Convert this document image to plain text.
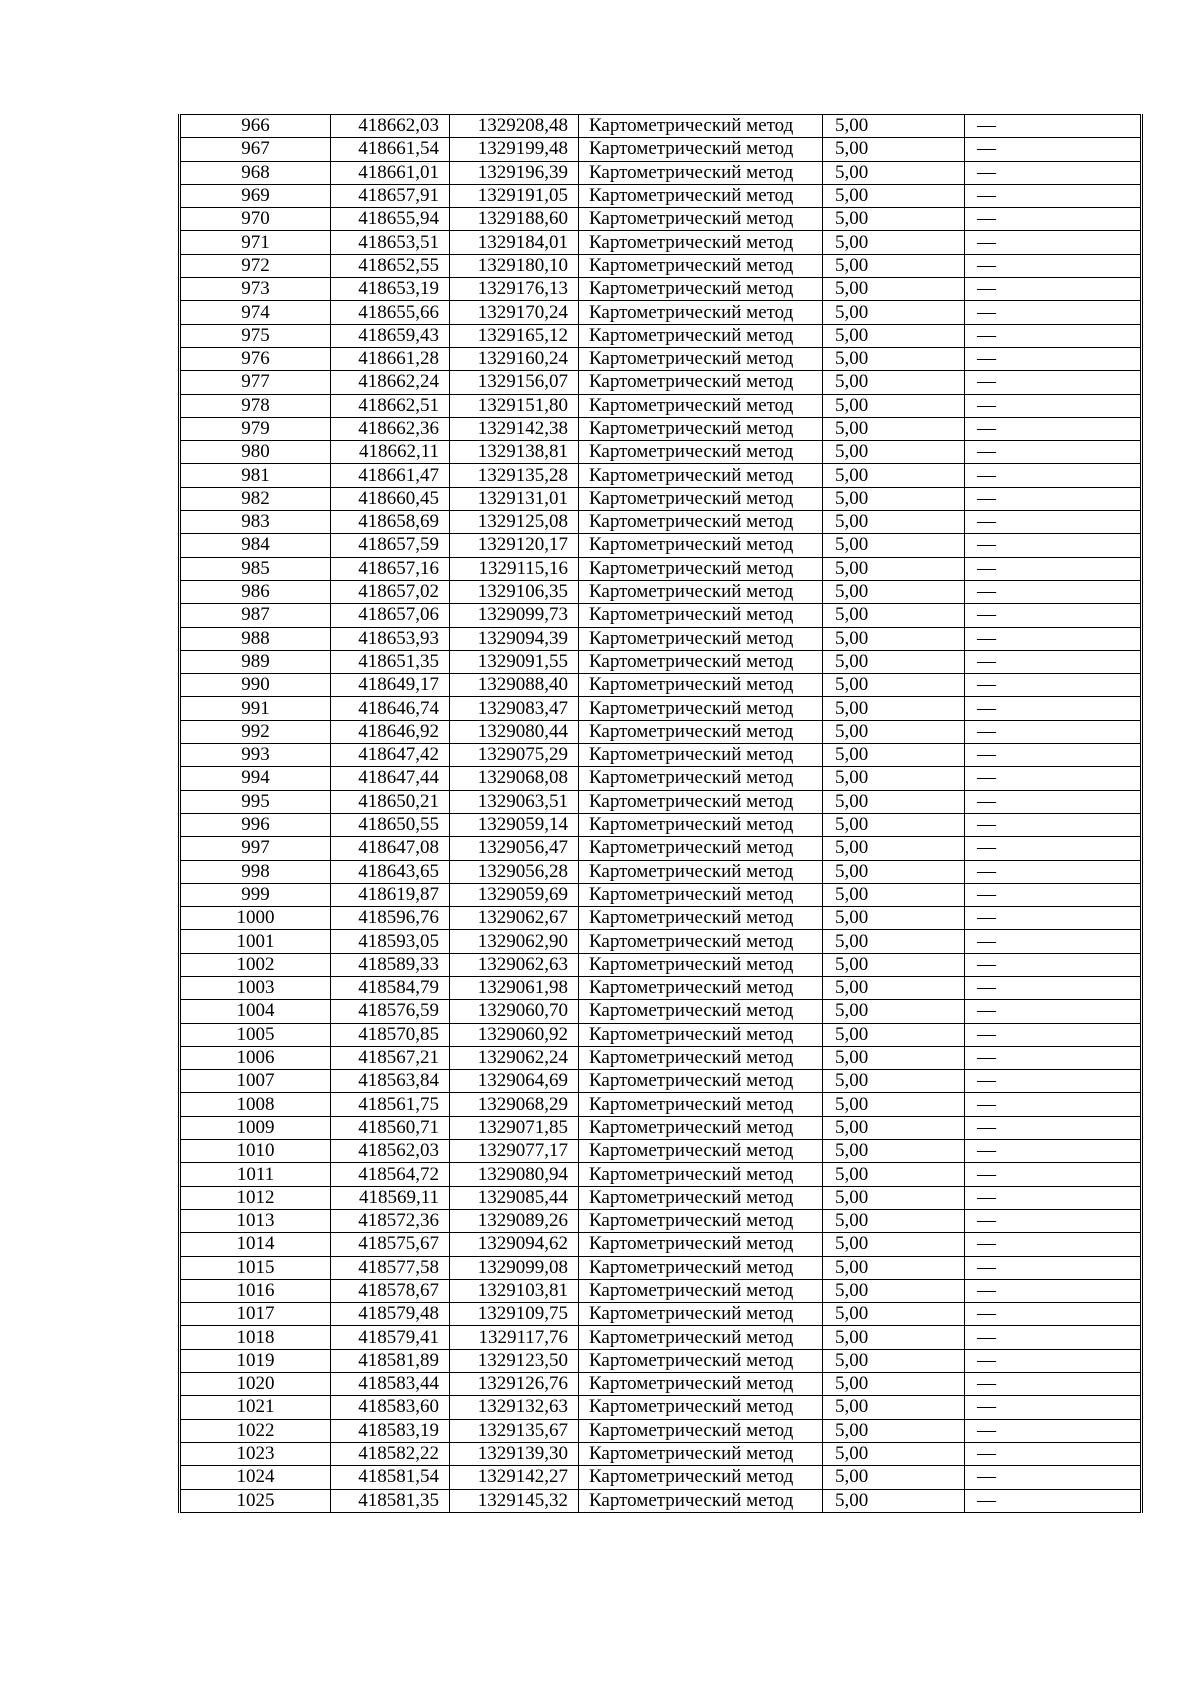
966	418662,03	1329208,48	Картометрический метод	5,00	—
967	418661,54	1329199,48	Картометрический метод	5,00	—
968	418661,01	1329196,39	Картометрический метод	5,00	—
969	418657,91	1329191,05	Картометрический метод	5,00	—
970	418655,94	1329188,60	Картометрический метод	5,00	—
971	418653,51	1329184,01	Картометрический метод	5,00	—
972	418652,55	1329180,10	Картометрический метод	5,00	—
973	418653,19	1329176,13	Картометрический метод	5,00	—
974	418655,66	1329170,24	Картометрический метод	5,00	—
975	418659,43	1329165,12	Картометрический метод	5,00	—
976	418661,28	1329160,24	Картометрический метод	5,00	—
977	418662,24	1329156,07	Картометрический метод	5,00	—
978	418662,51	1329151,80	Картометрический метод	5,00	—
979	418662,36	1329142,38	Картометрический метод	5,00	—
980	418662,11	1329138,81	Картометрический метод	5,00	—
981	418661,47	1329135,28	Картометрический метод	5,00	—
982	418660,45	1329131,01	Картометрический метод	5,00	—
983	418658,69	1329125,08	Картометрический метод	5,00	—
984	418657,59	1329120,17	Картометрический метод	5,00	—
985	418657,16	1329115,16	Картометрический метод	5,00	—
986	418657,02	1329106,35	Картометрический метод	5,00	—
987	418657,06	1329099,73	Картометрический метод	5,00	—
988	418653,93	1329094,39	Картометрический метод	5,00	—
989	418651,35	1329091,55	Картометрический метод	5,00	—
990	418649,17	1329088,40	Картометрический метод	5,00	—
991	418646,74	1329083,47	Картометрический метод	5,00	—
992	418646,92	1329080,44	Картометрический метод	5,00	—
993	418647,42	1329075,29	Картометрический метод	5,00	—
994	418647,44	1329068,08	Картометрический метод	5,00	—
995	418650,21	1329063,51	Картометрический метод	5,00	—
996	418650,55	1329059,14	Картометрический метод	5,00	—
997	418647,08	1329056,47	Картометрический метод	5,00	—
998	418643,65	1329056,28	Картометрический метод	5,00	—
999	418619,87	1329059,69	Картометрический метод	5,00	—
1000	418596,76	1329062,67	Картометрический метод	5,00	—
1001	418593,05	1329062,90	Картометрический метод	5,00	—
1002	418589,33	1329062,63	Картометрический метод	5,00	—
1003	418584,79	1329061,98	Картометрический метод	5,00	—
1004	418576,59	1329060,70	Картометрический метод	5,00	—
1005	418570,85	1329060,92	Картометрический метод	5,00	—
1006	418567,21	1329062,24	Картометрический метод	5,00	—
1007	418563,84	1329064,69	Картометрический метод	5,00	—
1008	418561,75	1329068,29	Картометрический метод	5,00	—
1009	418560,71	1329071,85	Картометрический метод	5,00	—
1010	418562,03	1329077,17	Картометрический метод	5,00	—
1011	418564,72	1329080,94	Картометрический метод	5,00	—
1012	418569,11	1329085,44	Картометрический метод	5,00	—
1013	418572,36	1329089,26	Картометрический метод	5,00	—
1014	418575,67	1329094,62	Картометрический метод	5,00	—
1015	418577,58	1329099,08	Картометрический метод	5,00	—
1016	418578,67	1329103,81	Картометрический метод	5,00	—
1017	418579,48	1329109,75	Картометрический метод	5,00	—
1018	418579,41	1329117,76	Картометрический метод	5,00	—
1019	418581,89	1329123,50	Картометрический метод	5,00	—
1020	418583,44	1329126,76	Картометрический метод	5,00	—
1021	418583,60	1329132,63	Картометрический метод	5,00	—
1022	418583,19	1329135,67	Картометрический метод	5,00	—
1023	418582,22	1329139,30	Картометрический метод	5,00	—
1024	418581,54	1329142,27	Картометрический метод	5,00	—
1025	418581,35	1329145,32	Картометрический метод	5,00	—
